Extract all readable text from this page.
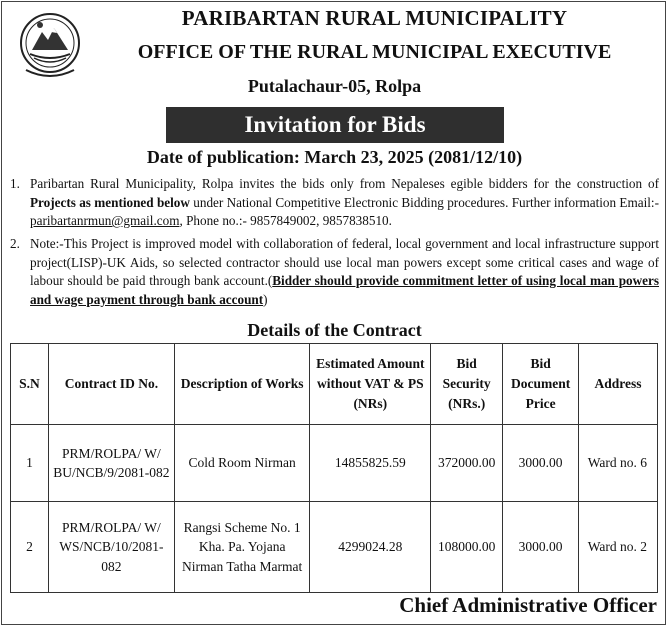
PARIBARTAN RURAL MUNICIPALITY
OFFICE OF THE RURAL MUNICIPAL EXECUTIVE
Putalachaur-05, Rolpa
Invitation for Bids
Date of publication: March 23, 2025 (2081/12/10)
1. Paribartan Rural Municipality, Rolpa invites the bids only from Nepaleses egible bidders for the construction of Projects as mentioned below under National Competitive Electronic Bidding procedures. Further information Email:- paribartanrmun@gmail.com, Phone no.:- 9857849002, 9857838510.
2. Note:-This Project is improved model with collaboration of federal, local government and local infrastructure support project(LISP)-UK Aids, so selected contractor should use local man powers except some critical cases and wage of labour should be paid through bank account.(Bidder should provide commitment letter of using local man powers and wage payment through bank account)
Details of the Contract
S.N	Contract ID No.	Description of Works	Estimated Amount without VAT & PS (NRs)	Bid Security (NRs.)	Bid Document Price	Address
1	PRM/ROLPA/ W/ BU/NCB/9/2081-082	Cold Room Nirman	14855825.59	372000.00	3000.00	Ward no. 6
2	PRM/ROLPA/ W/ WS/NCB/10/2081-082	Rangsi Scheme No. 1 Kha. Pa. Yojana Nirman Tatha Marmat	4299024.28	108000.00	3000.00	Ward no. 2
Chief Administrative Officer
